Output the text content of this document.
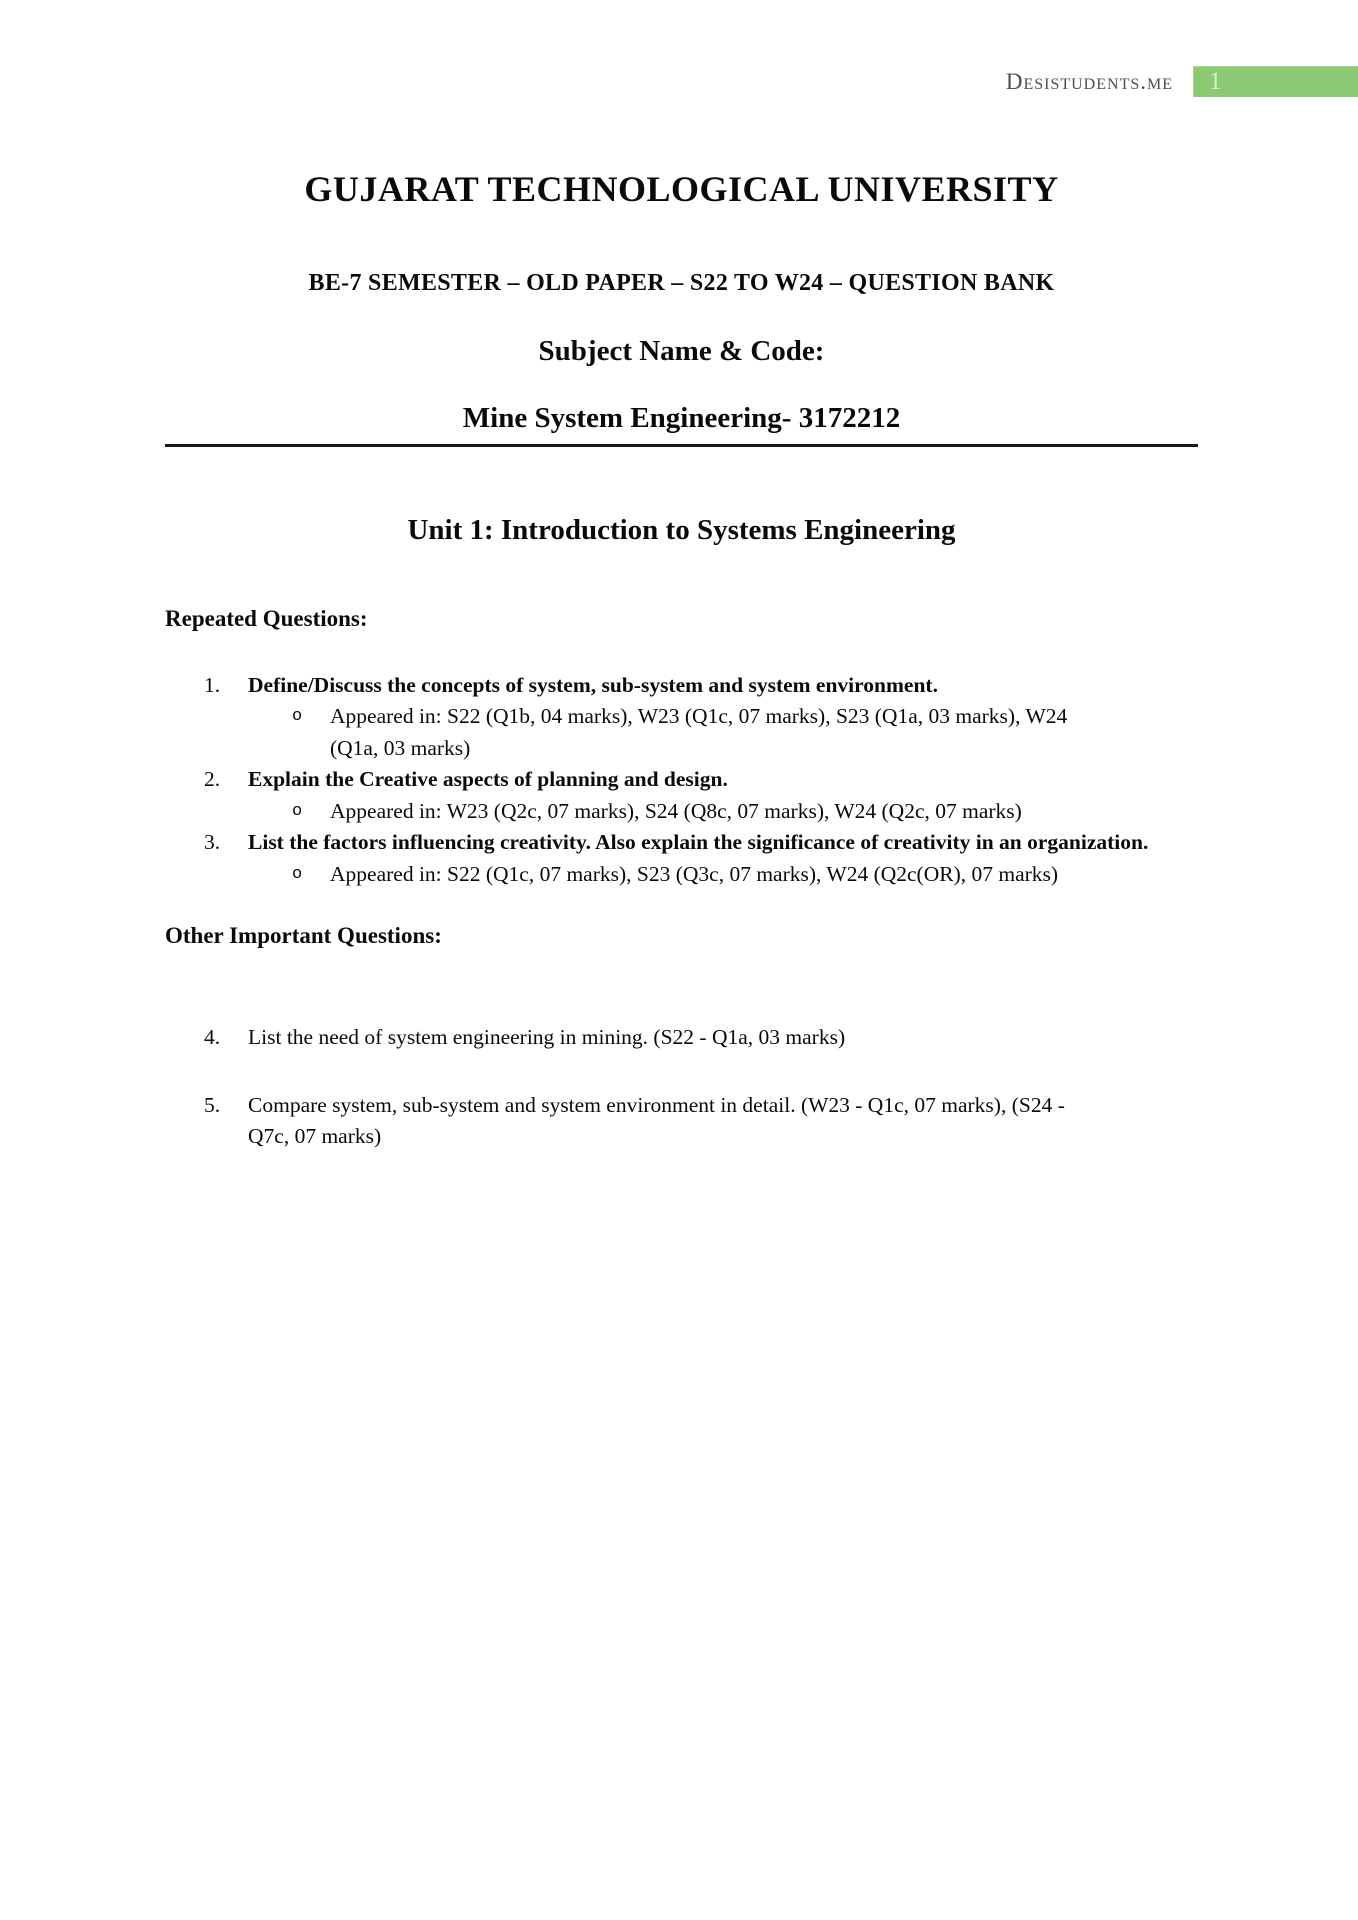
Desistudents.me	1
GUJARAT TECHNOLOGICAL UNIVERSITY
BE-7 SEMESTER – OLD PAPER – S22 TO W24 – QUESTION BANK
Subject Name & Code:
Mine System Engineering- 3172212
Unit 1: Introduction to Systems Engineering
Repeated Questions:
1. Define/Discuss the concepts of system, sub-system and system environment.
o	Appeared in: S22 (Q1b, 04 marks), W23 (Q1c, 07 marks), S23 (Q1a, 03 marks), W24 (Q1a, 03 marks)
2. Explain the Creative aspects of planning and design.
o	Appeared in: W23 (Q2c, 07 marks), S24 (Q8c, 07 marks), W24 (Q2c, 07 marks)
3. List the factors influencing creativity. Also explain the significance of creativity in an organization.
o	Appeared in: S22 (Q1c, 07 marks), S23 (Q3c, 07 marks), W24 (Q2c(OR), 07 marks)
Other Important Questions:
4. List the need of system engineering in mining. (S22 - Q1a, 03 marks)
5. Compare system, sub-system and system environment in detail. (W23 - Q1c, 07 marks), (S24 - Q7c, 07 marks)
